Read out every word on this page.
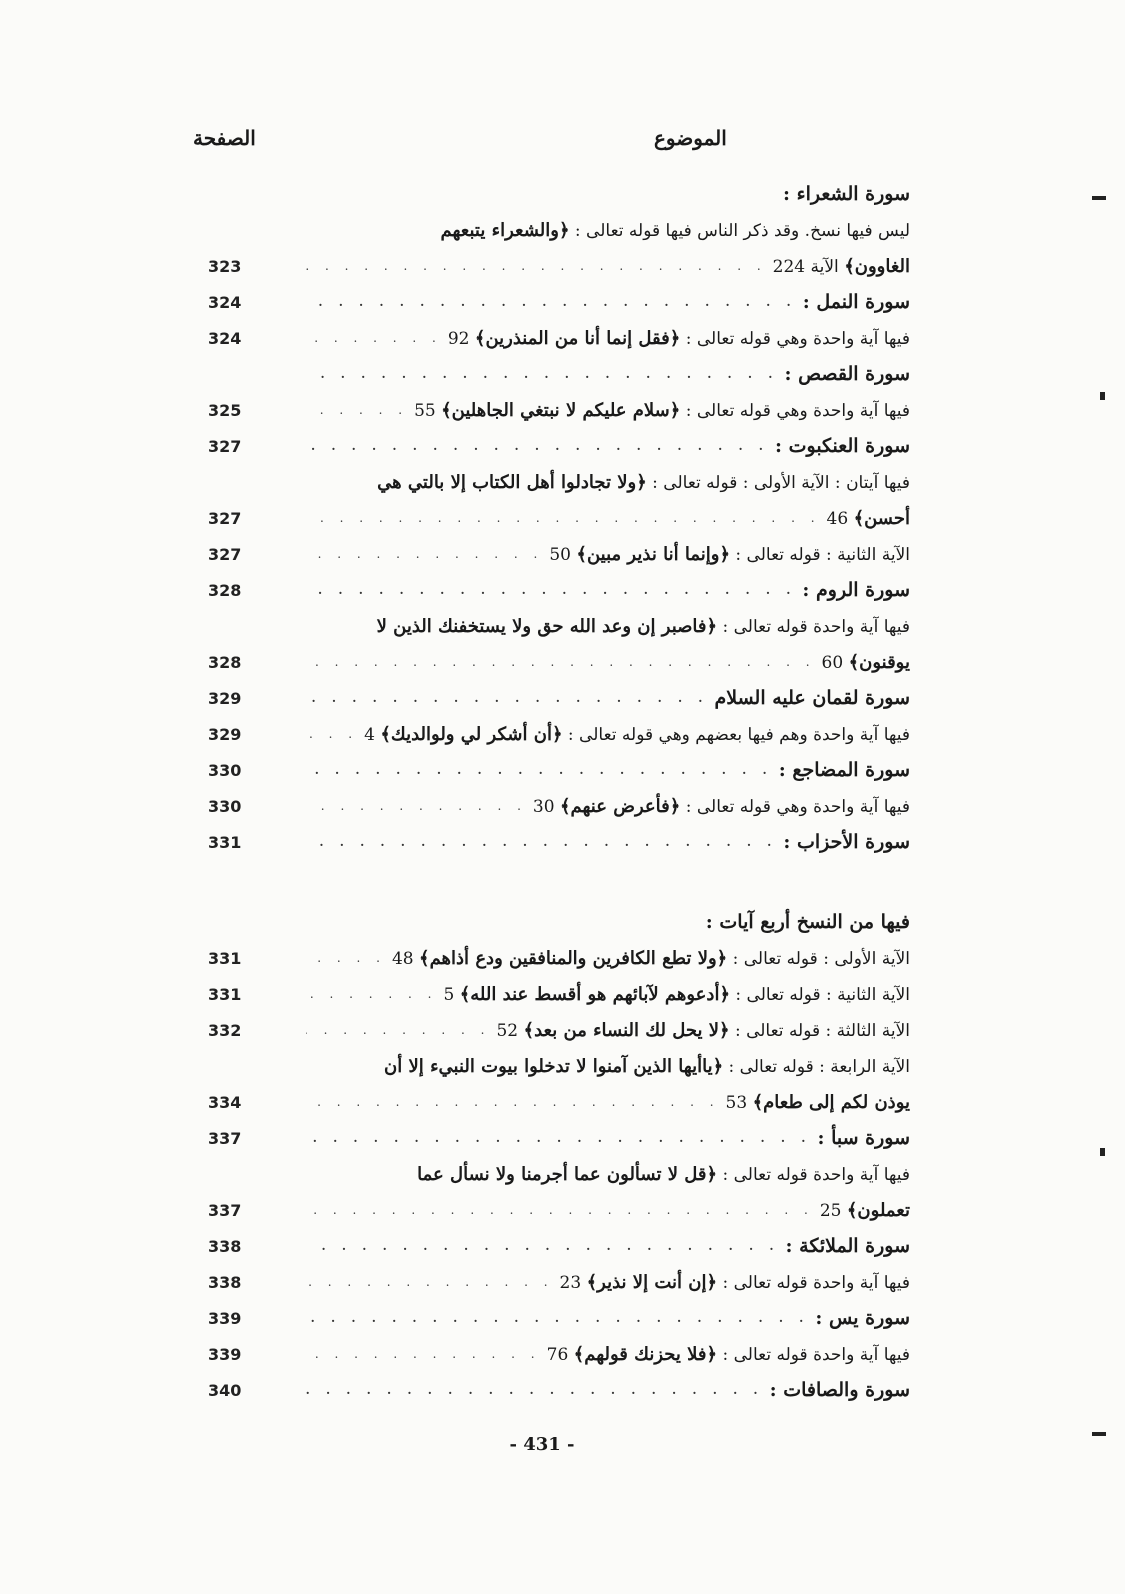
الموضوع
الصفحة
سورة الشعراء :
ليس فيها نسخ. وقد ذكر الناس فيها قوله تعالى : ﴿والشعراء يتبعهم
الغاوون﴾ الآية 224
. . .
323
سورة النمل :
. . .
324
فيها آية واحدة وهي قوله تعالى : ﴿فقل إنما أنا من المنذرين﴾ 92
. . .
324
سورة القصص :
. . .
فيها آية واحدة وهي قوله تعالى : ﴿سلام عليكم لا نبتغي الجاهلين﴾ 55
. . .
325
سورة العنكبوت :
. . .
327
فيها آيتان : الآية الأولى : قوله تعالى : ﴿ولا تجادلوا أهل الكتاب إلا بالتي هي
أحسن﴾ 46
. . .
327
الآية الثانية : قوله تعالى : ﴿وإنما أنا نذير مبين﴾ 50
. . .
327
سورة الروم :
. . .
328
فيها آية واحدة قوله تعالى : ﴿فاصبر إن وعد الله حق ولا يستخفنك الذين لا
يوقنون﴾ 60
. . .
328
سورة لقمان عليه السلام
. . .
329
فيها آية واحدة وهم فيها بعضهم وهي قوله تعالى : ﴿أن أشكر لي ولوالديك﴾ 4
. . .
329
سورة المضاجع :
. . .
330
فيها آية واحدة وهي قوله تعالى : ﴿فأعرض عنهم﴾ 30
. . .
330
سورة الأحزاب :
. . .
331
فيها من النسخ أربع آيات :
الآية الأولى : قوله تعالى : ﴿ولا تطع الكافرين والمنافقين ودع أذاهم﴾ 48
. . .
331
الآية الثانية : قوله تعالى : ﴿أدعوهم لآبائهم هو أقسط عند الله﴾ 5
. . .
331
الآية الثالثة : قوله تعالى : ﴿لا يحل لك النساء من بعد﴾ 52
. . .
332
الآية الرابعة : قوله تعالى : ﴿ياأيها الذين آمنوا لا تدخلوا بيوت النبيء إلا أن
يوذن لكم إلى طعام﴾ 53
. . .
334
سورة سبأ :
. . .
337
فيها آية واحدة قوله تعالى : ﴿قل لا تسألون عما أجرمنا ولا نسأل عما
تعملون﴾ 25
. . .
337
سورة الملائكة :
. . .
338
فيها آية واحدة قوله تعالى : ﴿إن أنت إلا نذير﴾ 23
. . .
338
سورة يس :
. . .
339
فيها آية واحدة قوله تعالى : ﴿فلا يحزنك قولهم﴾ 76
. . .
339
سورة والصافات :
. . .
340
- 431 -
